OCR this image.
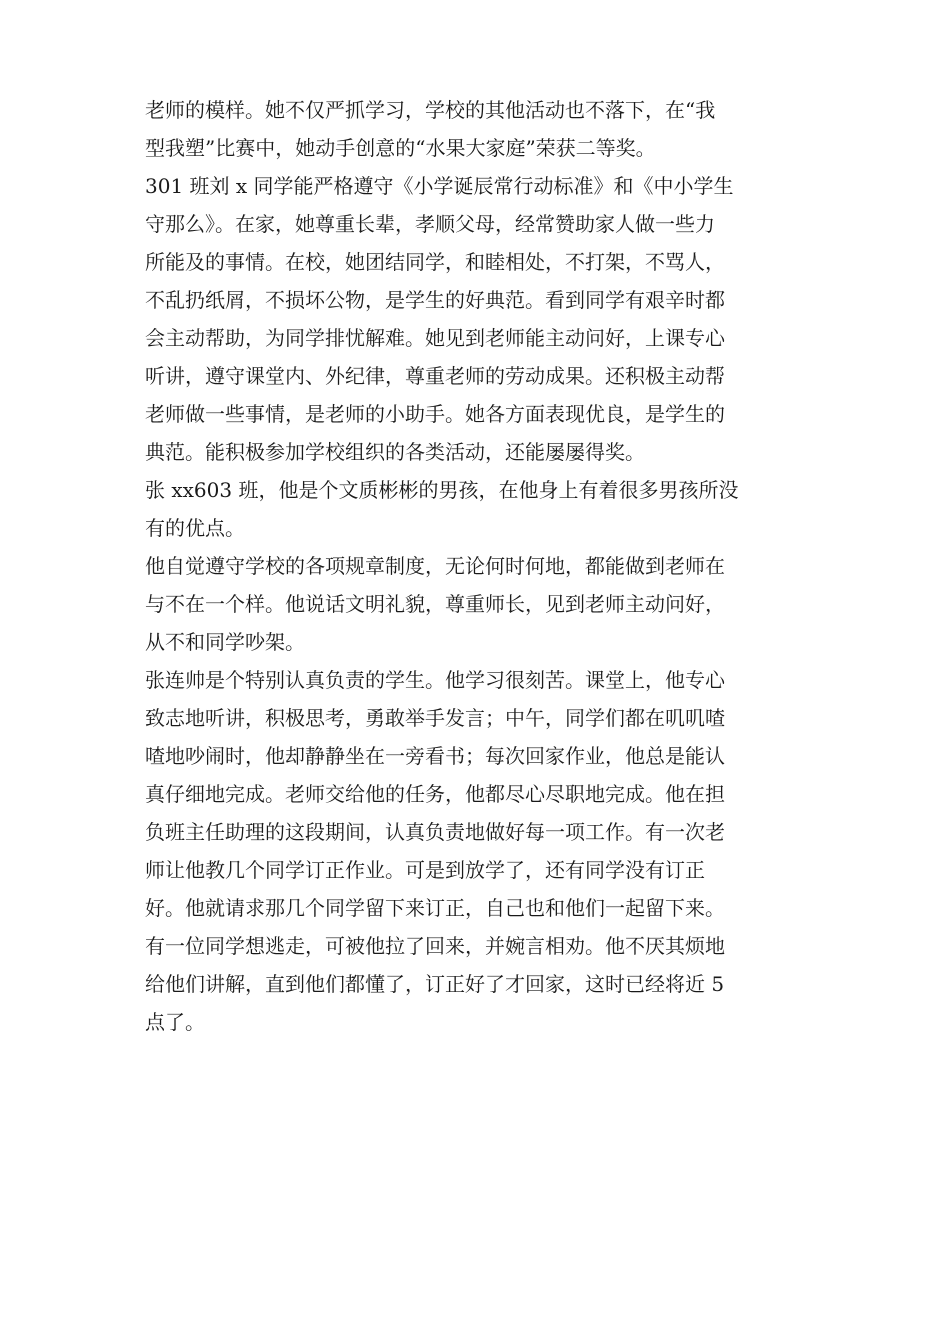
老师的模样。她不仅严抓学习，学校的其他活动也不落下，在“我
型我塑”比赛中，她动手创意的“水果大家庭”荣获二等奖。
301 班刘 x 同学能严格遵守《小学诞辰常行动标准》和《中小学生
守那么》。在家，她尊重长辈，孝顺父母，经常赞助家人做一些力
所能及的事情。在校，她团结同学，和睦相处，不打架，不骂人，
不乱扔纸屑，不损坏公物，是学生的好典范。看到同学有艰辛时都
会主动帮助，为同学排忧解难。她见到老师能主动问好，上课专心
听讲，遵守课堂内、外纪律，尊重老师的劳动成果。还积极主动帮
老师做一些事情，是老师的小助手。她各方面表现优良，是学生的
典范。能积极参加学校组织的各类活动，还能屡屡得奖。
张 xx603 班，他是个文质彬彬的男孩，在他身上有着很多男孩所没
有的优点。
他自觉遵守学校的各项规章制度，无论何时何地，都能做到老师在
与不在一个样。他说话文明礼貌，尊重师长，见到老师主动问好，
从不和同学吵架。
张连帅是个特别认真负责的学生。他学习很刻苦。课堂上，他专心
致志地听讲，积极思考，勇敢举手发言；中午，同学们都在叽叽喳
喳地吵闹时，他却静静坐在一旁看书；每次回家作业，他总是能认
真仔细地完成。老师交给他的任务，他都尽心尽职地完成。他在担
负班主任助理的这段期间，认真负责地做好每一项工作。有一次老
师让他教几个同学订正作业。可是到放学了，还有同学没有订正
好。他就请求那几个同学留下来订正，自己也和他们一起留下来。
有一位同学想逃走，可被他拉了回来，并婉言相劝。他不厌其烦地
给他们讲解，直到他们都懂了，订正好了才回家，这时已经将近 5
点了。
